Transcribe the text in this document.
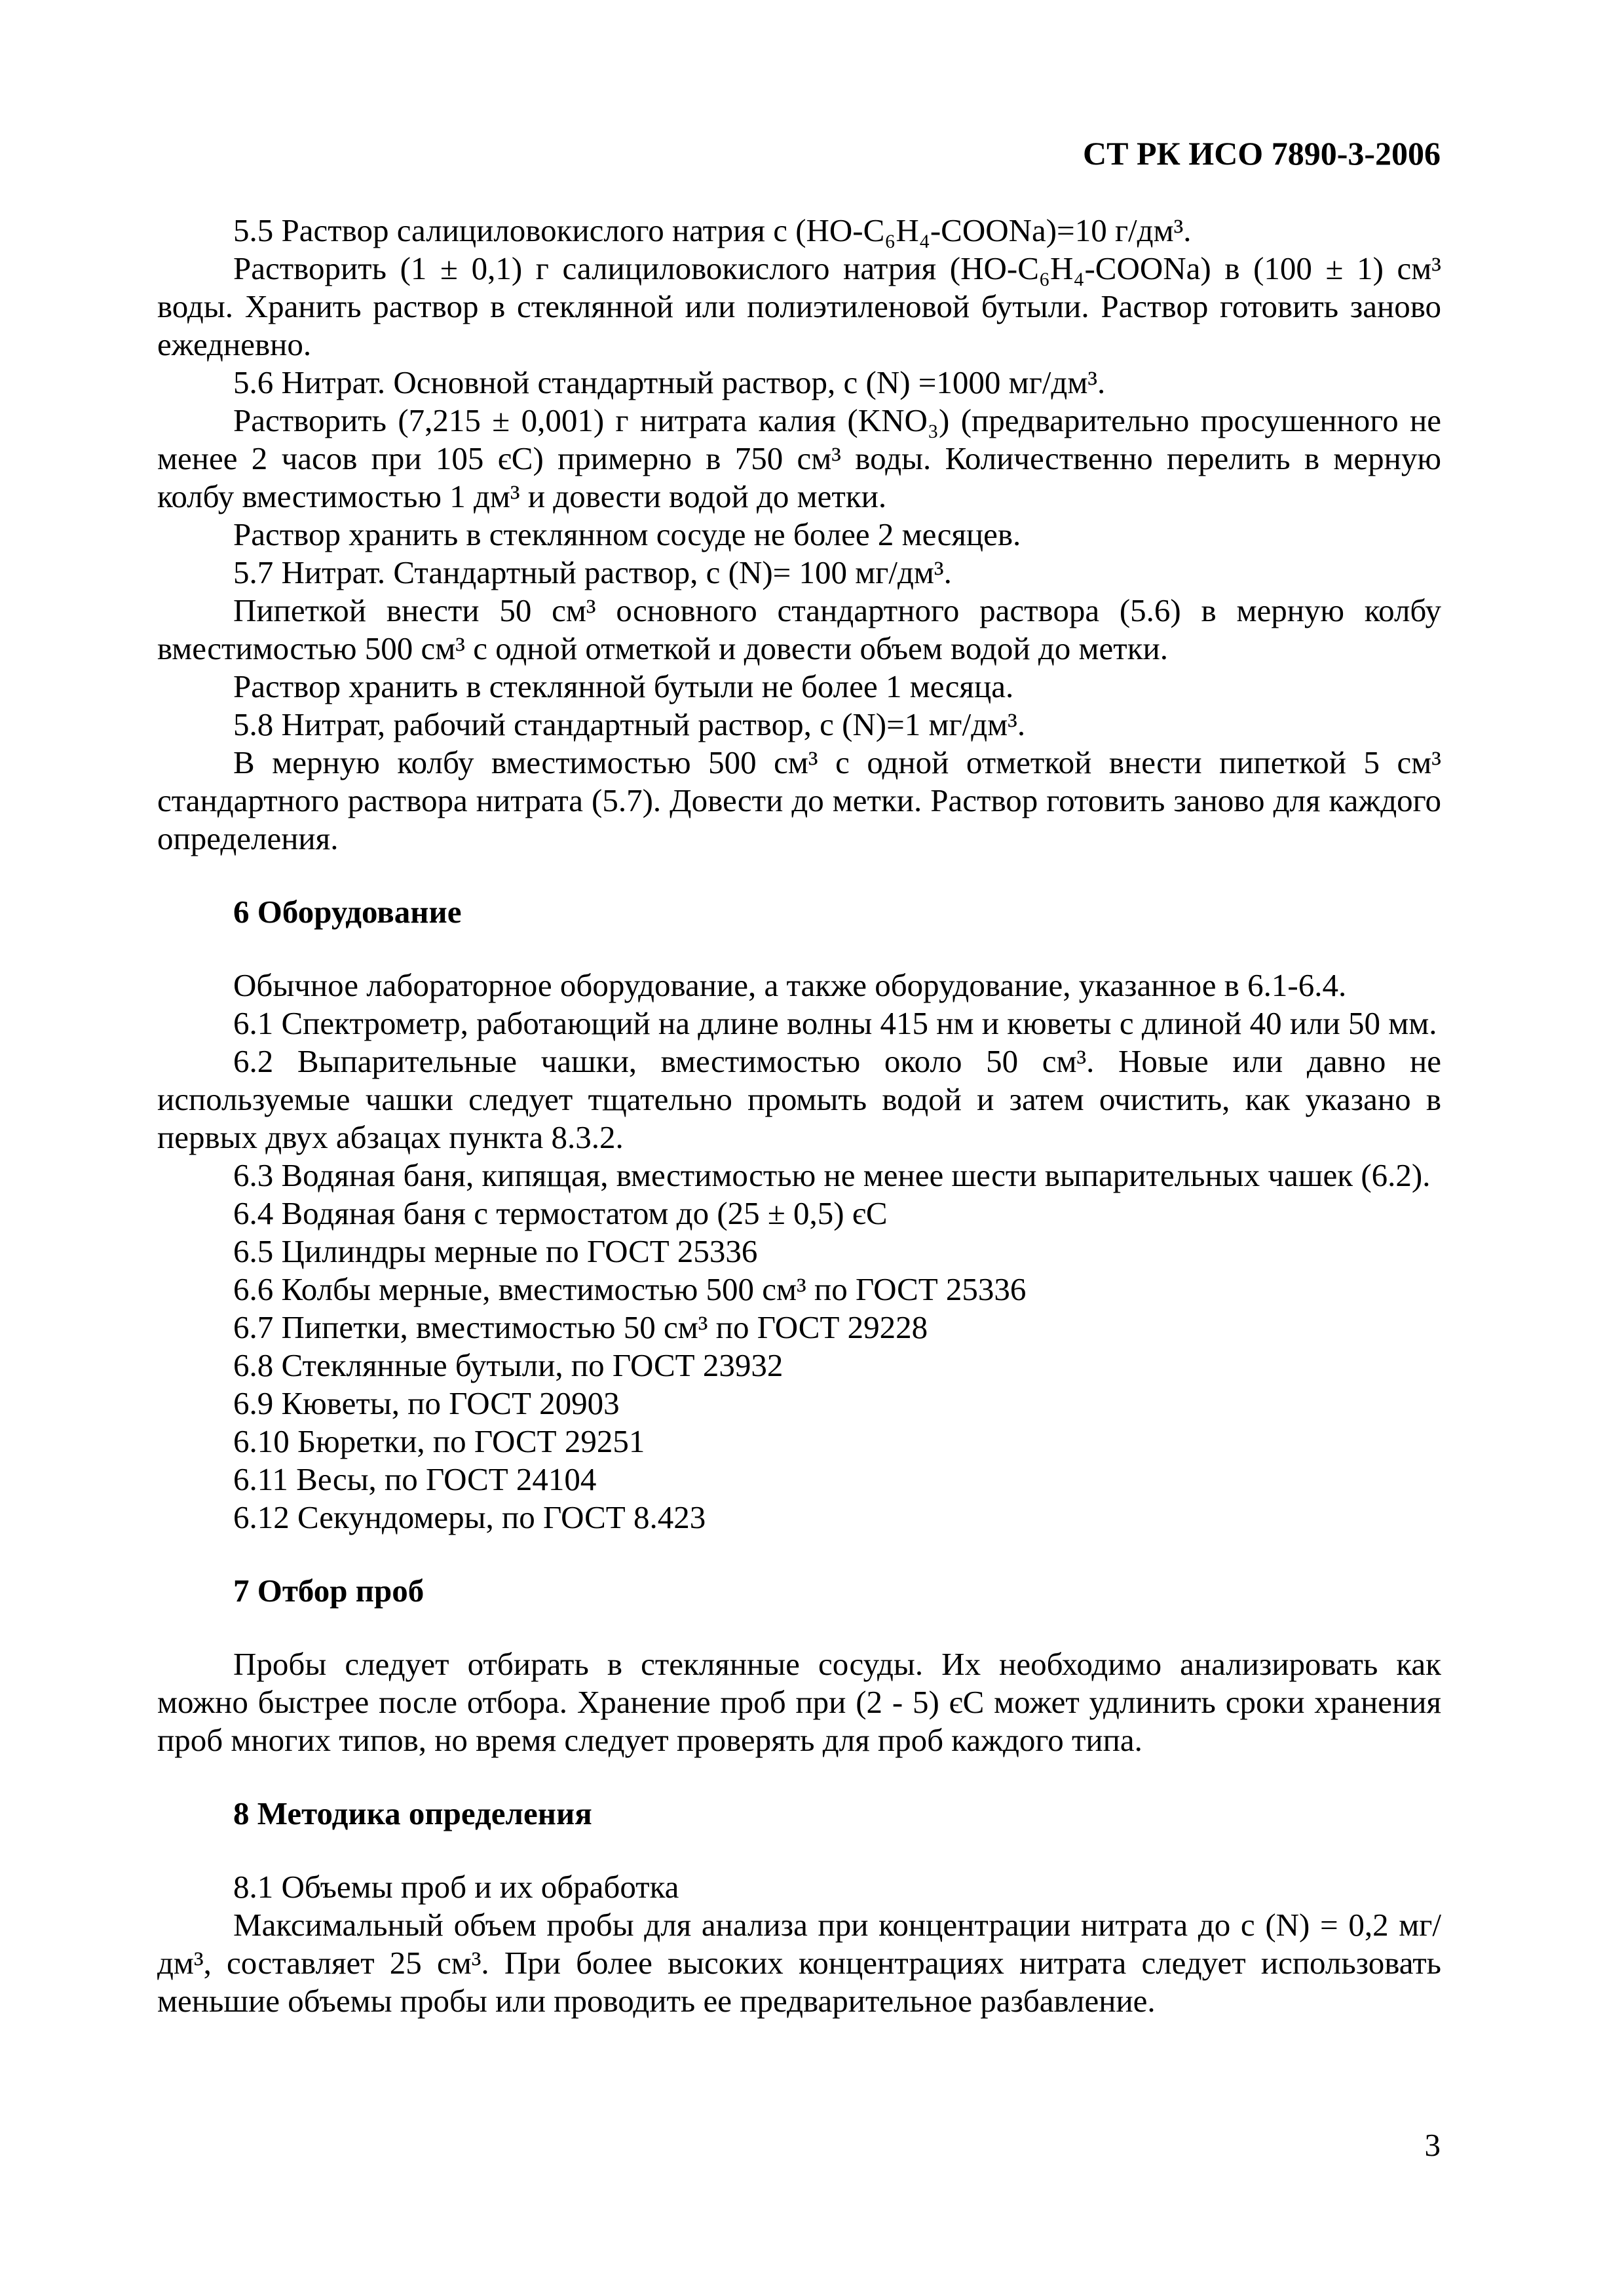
СТ РК ИСО 7890-3-2006

5.5 Раствор салициловокислого натрия с (НО-C₆H₄-СООNa)=10 г/дм³.

Растворить (1 ± 0,1) г салициловокислого натрия (НО-C₆H₄-СООNa) в (100 ± 1) см³ воды. Хранить раствор в стеклянной или полиэтиленовой бутыли. Раствор готовить заново ежедневно.

5.6 Нитрат. Основной стандартный раствор, с (N) =1000 мг/дм³.

Растворить (7,215 ± 0,001) г нитрата калия (KNO₃) (предварительно просушенного не менее 2 часов при 105 єС) примерно в 750 см³ воды. Количественно перелить в мерную колбу вместимостью 1 дм³ и довести водой до метки.

Раствор хранить в стеклянном сосуде не более 2 месяцев.

5.7 Нитрат. Стандартный раствор, с (N)= 100 мг/дм³.

Пипеткой внести 50 см³ основного стандартного раствора (5.6) в мерную колбу вместимостью 500 см³ с одной отметкой и довести объем водой до метки.

Раствор хранить в стеклянной бутыли не более 1 месяца.

5.8 Нитрат, рабочий стандартный раствор, с (N)=1 мг/дм³.

В мерную колбу вместимостью 500 см³ с одной отметкой внести пипеткой 5 см³ стандартного раствора нитрата (5.7). Довести до метки. Раствор готовить заново для каждого определения.

6 Оборудование

Обычное лабораторное оборудование, а также оборудование, указанное в 6.1-6.4.

6.1 Спектрометр, работающий на длине волны 415 нм и кюветы с длиной 40 или 50 мм.

6.2 Выпарительные чашки, вместимостью около 50 см³. Новые или давно не используемые чашки следует тщательно промыть водой и затем очистить, как указано в первых двух абзацах пункта 8.3.2.

6.3 Водяная баня, кипящая, вместимостью не менее шести выпарительных чашек (6.2).

6.4 Водяная баня с термостатом до (25 ± 0,5) єС

6.5 Цилиндры мерные по ГОСТ 25336

6.6 Колбы мерные, вместимостью 500 см³ по ГОСТ 25336

6.7 Пипетки, вместимостью 50 см³ по ГОСТ 29228

6.8 Стеклянные бутыли, по ГОСТ 23932

6.9 Кюветы, по ГОСТ 20903

6.10 Бюретки, по ГОСТ 29251

6.11 Весы, по ГОСТ 24104

6.12 Секундомеры, по ГОСТ 8.423

7 Отбор проб

Пробы следует отбирать в стеклянные сосуды. Их необходимо анализировать как можно быстрее после отбора. Хранение проб при (2 - 5) єС может удлинить сроки хранения проб многих типов, но время следует проверять для проб каждого типа.

8 Методика определения

8.1 Объемы проб и их обработка

Максимальный объем пробы для анализа при концентрации нитрата до с (N) = 0,2 мг/дм³, составляет 25 см³. При более высоких концентрациях нитрата следует использовать меньшие объемы пробы или проводить ее предварительное разбавление.

3
